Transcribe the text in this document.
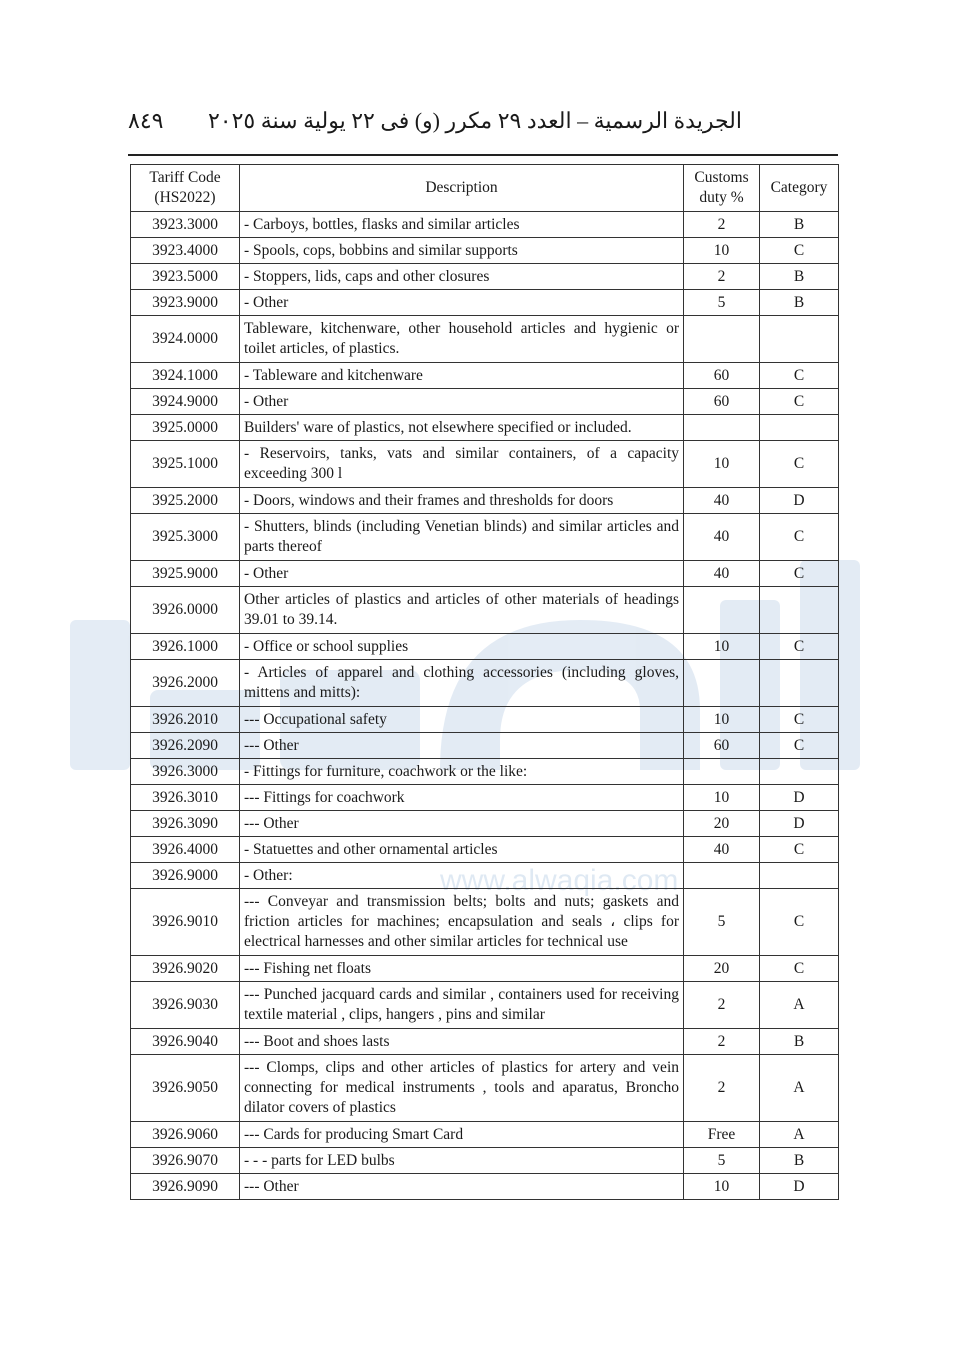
www.alwaqia.com
٨٤٩ الجريدة الرسمية – العدد ٢٩ مكرر (و) فى ٢٢ يولية سنة ٢٠٢٥
Tariff Code (HS2022)	Description	Customs duty %	Category
3923.3000	- Carboys, bottles, flasks and similar articles	2	B
3923.4000	- Spools, cops, bobbins and similar supports	10	C
3923.5000	- Stoppers, lids, caps and other closures	2	B
3923.9000	- Other	5	B
3924.0000	Tableware, kitchenware, other household articles and hygienic or toilet articles, of plastics.		
3924.1000	- Tableware and kitchenware	60	C
3924.9000	- Other	60	C
3925.0000	Builders' ware of plastics, not elsewhere specified or included.		
3925.1000	- Reservoirs, tanks, vats and similar containers, of a capacity exceeding 300 l	10	C
3925.2000	- Doors, windows and their frames and thresholds for doors	40	D
3925.3000	- Shutters, blinds (including Venetian blinds) and similar articles and parts thereof	40	C
3925.9000	- Other	40	C
3926.0000	Other articles of plastics and articles of other materials of headings 39.01 to 39.14.		
3926.1000	- Office or school supplies	10	C
3926.2000	- Articles of apparel and clothing accessories (including gloves, mittens and mitts):		
3926.2010	--- Occupational safety	10	C
3926.2090	--- Other	60	C
3926.3000	- Fittings for furniture, coachwork or the like:		
3926.3010	--- Fittings for coachwork	10	D
3926.3090	--- Other	20	D
3926.4000	- Statuettes and other ornamental articles	40	C
3926.9000	- Other:		
3926.9010	--- Conveyar and transmission belts; bolts and nuts; gaskets and friction articles for machines; encapsulation and seals ، clips for electrical harnesses and other similar articles for technical use	5	C
3926.9020	--- Fishing net floats	20	C
3926.9030	--- Punched jacquard cards and similar , containers used for receiving textile material , clips, hangers , pins and similar	2	A
3926.9040	--- Boot and shoes lasts	2	B
3926.9050	--- Clomps, clips and other articles of plastics for artery and vein connecting for medical instruments , tools and aparatus, Broncho dilator covers of plastics	2	A
3926.9060	--- Cards for producing Smart Card	Free	A
3926.9070	- - - parts for LED bulbs	5	B
3926.9090	--- Other	10	D
